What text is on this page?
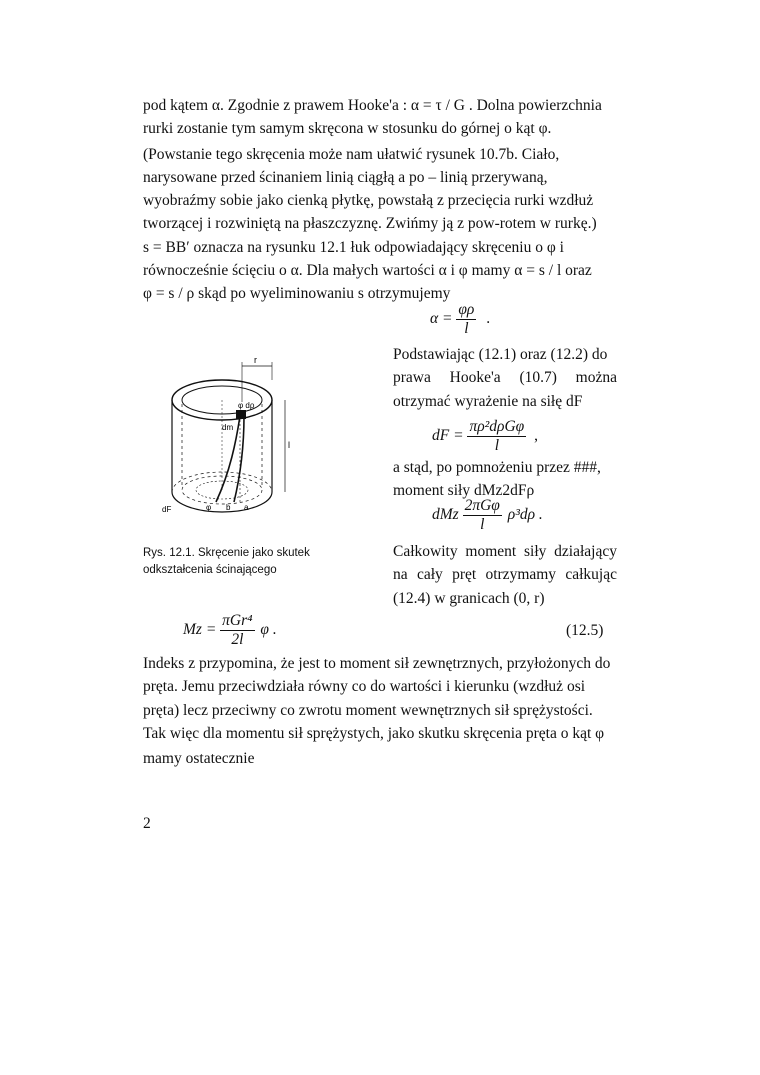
pod kątem α. Zgodnie z prawem Hooke'a : α = τ / G . Dolna powierzchnia

rurki zostanie tym samym skręcona w stosunku do górnej o kąt φ.

(Powstanie tego skręcenia może nam ułatwić rysunek 10.7b. Ciało,

narysowane przed ścinaniem linią ciągłą a po – linią przerywaną,

wyobraźmy sobie jako cienką płytkę, powstałą z przecięcia rurki wzdłuż

tworzącej i rozwiniętą na płaszczyznę. Zwińmy ją z pow-rotem w rurkę.)

s = BB′ oznacza na rysunku 12.1 łuk odpowiadający skręceniu o φ i

równocześnie ścięciu o α. Dla małych wartości α i φ mamy α = s / l oraz

φ = s / ρ skąd po wyeliminowaniu s otrzymujemy

$\alpha = \frac{\varphi\rho}{l}$ .
Podstawiając (12.1) oraz (12.2) do
prawa Hooke'a (10.7) można
otrzymać wyrażenie na siłę dF
dF = $\frac{\text{πρ²dρGφ}}{l}$ ,
a stąd, po pomnożeniu przez ###,
moment siły dMz2dFρ
dMz $\frac{\text{2πGφ}}{l} \rho^3d\rho$ .
Całkowity moment siły działający
na cały pręt otrzymamy całkując
(12.4) w granicach (0, r)
r
l
φ dρ
dm
dF	φ b a
Rys. 12.1. Skręcenie jako skutek
odkształcenia ścinającego
$Mz = \frac{\text{πGr⁴}}{2l}$ φ .	(12.5)

Indeks z przypomina, że jest to moment sił zewnętrznych, przyłożonych do

pręta. Jemu przeciwdziała równy co do wartości i kierunku (wzdłuż osi

pręta) lecz przeciwny co zwrotu moment wewnętrznych sił sprężystości.

Tak więc dla momentu sił sprężystych, jako skutku skręcenia pręta o kąt φ

mamy ostatecznie

2
